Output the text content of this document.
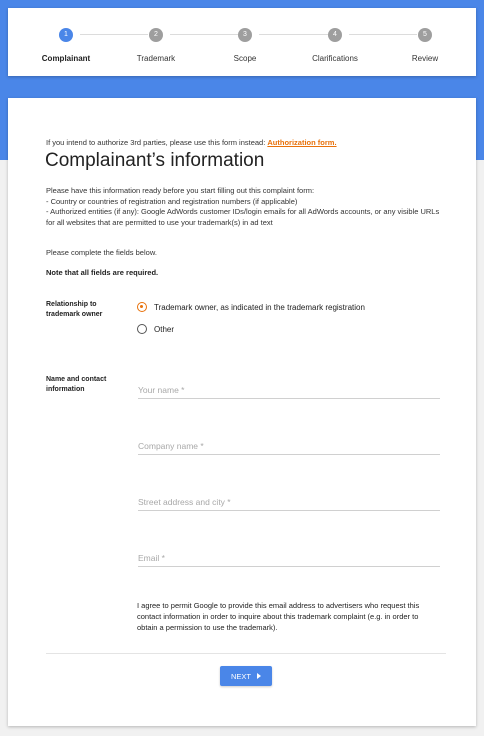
1	2	3	4	5
Complainant	Trademark	Scope	Clarifications	Review
If you intend to authorize 3rd parties, please use this form instead: Authorization form.
Complainant’s information

Please have this information ready before you start filling out this complaint form:

- Country or countries of registration and registration numbers (if applicable)

- Authorized entities (if any): Google AdWords customer IDs/login emails for all AdWords accounts, or any visible URLs for all websites that are permitted to use your trademark(s) in ad text

Please complete the fields below.
Note that all fields are required.
Relationship to trademark owner
Trademark owner, as indicated in the trademark registration
Other
Name and contact information
Your name *
Company name *
Street address and city *
Email *
I agree to permit Google to provide this email address to advertisers who request this contact information in order to inquire about this trademark complaint (e.g. in order to obtain a permission to use the trademark).
NEXT
